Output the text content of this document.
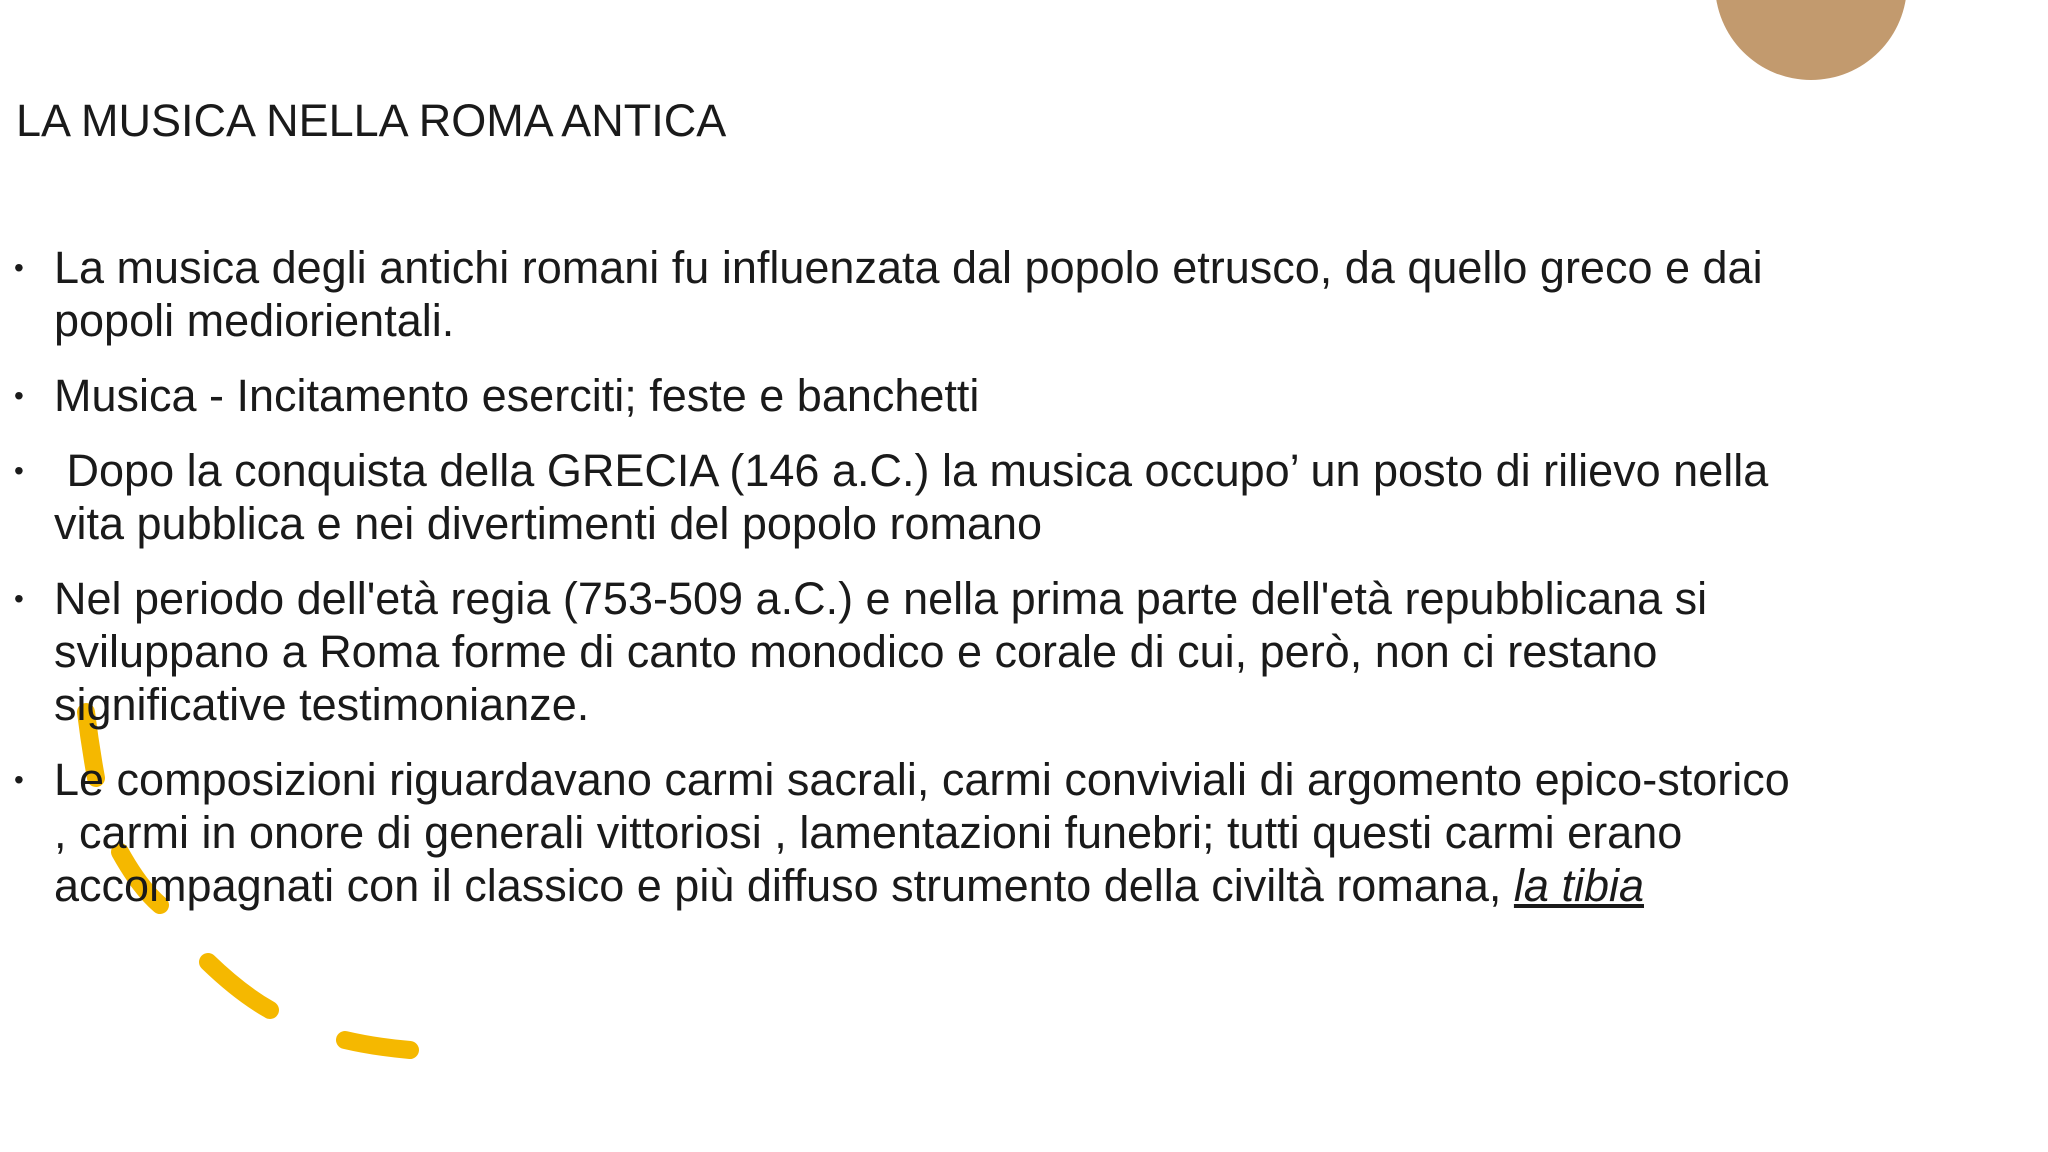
LA MUSICA NELLA ROMA ANTICA
• La musica degli antichi romani fu influenzata dal popolo etrusco, da quello greco e dai popoli mediorientali.
• Musica - Incitamento eserciti; feste e banchetti
• Dopo la conquista della GRECIA (146 a.C.) la musica occupo’ un posto di rilievo nella vita pubblica e nei divertimenti del popolo romano
• Nel periodo dell'età regia (753-509 a.C.) e nella prima parte dell'età repubblicana si sviluppano a Roma forme di canto monodico e corale di cui, però, non ci restano significative testimonianze.
• Le composizioni riguardavano carmi sacrali, carmi conviviali di argomento epico-storico , carmi in onore di generali vittoriosi , lamentazioni funebri; tutti questi carmi erano accompagnati con il classico e più diffuso strumento della civiltà romana, la tibia
